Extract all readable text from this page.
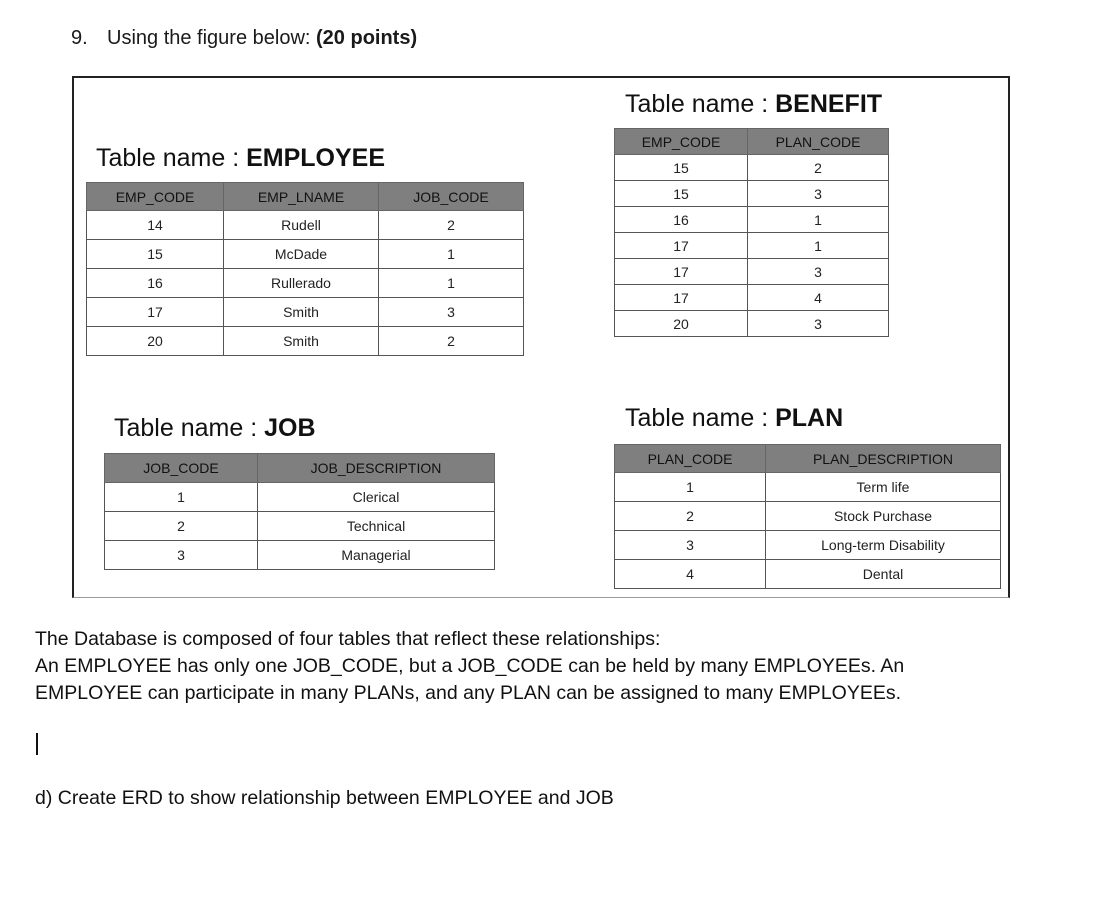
9. Using the figure below: (20 points)
Table name : EMPLOYEE
EMP_CODE	EMP_LNAME	JOB_CODE
14	Rudell	2
15	McDade	1
16	Rullerado	1
17	Smith	3
20	Smith	2
Table name : BENEFIT
EMP_CODE	PLAN_CODE
15	2
15	3
16	1
17	1
17	3
17	4
20	3
Table name : JOB
JOB_CODE	JOB_DESCRIPTION
1	Clerical
2	Technical
3	Managerial
Table name : PLAN
PLAN_CODE	PLAN_DESCRIPTION
1	Term life
2	Stock Purchase
3	Long-term Disability
4	Dental
The Database is composed of four tables that reflect these relationships:
An EMPLOYEE has only one JOB_CODE, but a JOB_CODE can be held by many EMPLOYEEs. An
EMPLOYEE can participate in many PLANs, and any PLAN can be assigned to many EMPLOYEEs.
d) Create ERD to show relationship between EMPLOYEE and JOB
